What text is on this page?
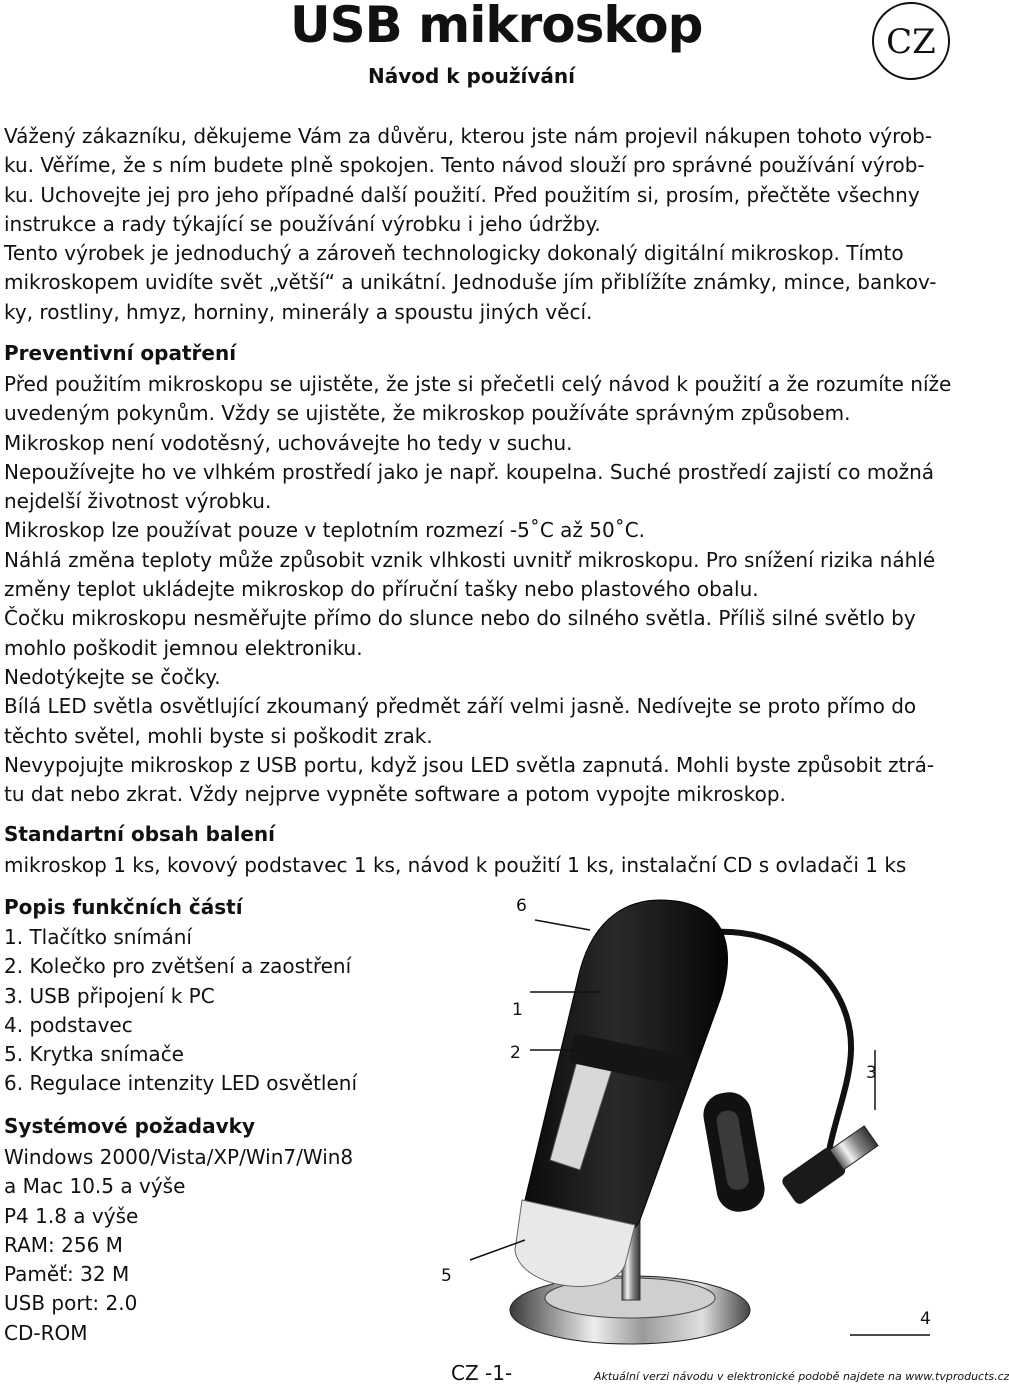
USB mikroskop
Návod k používání
CZ
Vážený zákazníku, děkujeme Vám za důvěru, kterou jste nám projevil nákupen tohoto výrob-
ku. Věříme, že s ním budete plně spokojen. Tento návod slouží pro správné používání výrob-
ku. Uchovejte jej pro jeho případné další použití. Před použitím si, prosím, přečtěte všechny
instrukce a rady týkající se používání výrobku i jeho údržby.
Tento výrobek je jednoduchý a zároveň technologicky dokonalý digitální mikroskop. Tímto
mikroskopem uvidíte svět „větší“ a unikátní. Jednoduše jím přiblížíte známky, mince, bankov-
ky, rostliny, hmyz, horniny, minerály a spoustu jiných věcí.
Preventivní opatření
Před použitím mikroskopu se ujistěte, že jste si přečetli celý návod k použití a že rozumíte níže
uvedeným pokynům. Vždy se ujistěte, že mikroskop používáte správným způsobem.
Mikroskop není vodotěsný, uchovávejte ho tedy v suchu.
Nepoužívejte ho ve vlhkém prostředí jako je např. koupelna. Suché prostředí zajistí co možná
nejdelší životnost výrobku.
Mikroskop lze používat pouze v teplotním rozmezí -5˚C až 50˚C.
Náhlá změna teploty může způsobit vznik vlhkosti uvnitř mikroskopu. Pro snížení rizika náhlé
změny teplot ukládejte mikroskop do příruční tašky nebo plastového obalu.
Čočku mikroskopu nesměřujte přímo do slunce nebo do silného světla. Příliš silné světlo by
mohlo poškodit jemnou elektroniku.
Nedotýkejte se čočky.
Bílá LED světla osvětlující zkoumaný předmět září velmi jasně. Nedívejte se proto přímo do
těchto světel, mohli byste si poškodit zrak.
Nevypojujte mikroskop z USB portu, když jsou LED světla zapnutá. Mohli byste způsobit ztrá-
tu dat nebo zkrat. Vždy nejprve vypněte software a potom vypojte mikroskop.
Standartní obsah balení
mikroskop 1 ks, kovový podstavec 1 ks, návod k použití 1 ks, instalační CD s ovladači 1 ks
Popis funkčních částí
1. Tlačítko snímání
2. Kolečko pro zvětšení a zaostření
3. USB připojení k PC
4. podstavec
5. Krytka snímače
6. Regulace intenzity LED osvětlení
Systémové požadavky
Windows 2000/Vista/XP/Win7/Win8
a Mac 10.5 a výše
P4 1.8 a výše
RAM: 256 M
Paměť: 32 M
USB port: 2.0
CD-ROM
1
2
3
4
5
6
CZ -1-	Aktuální verzi návodu v elektronické podobě najdete na www.tvproducts.cz
